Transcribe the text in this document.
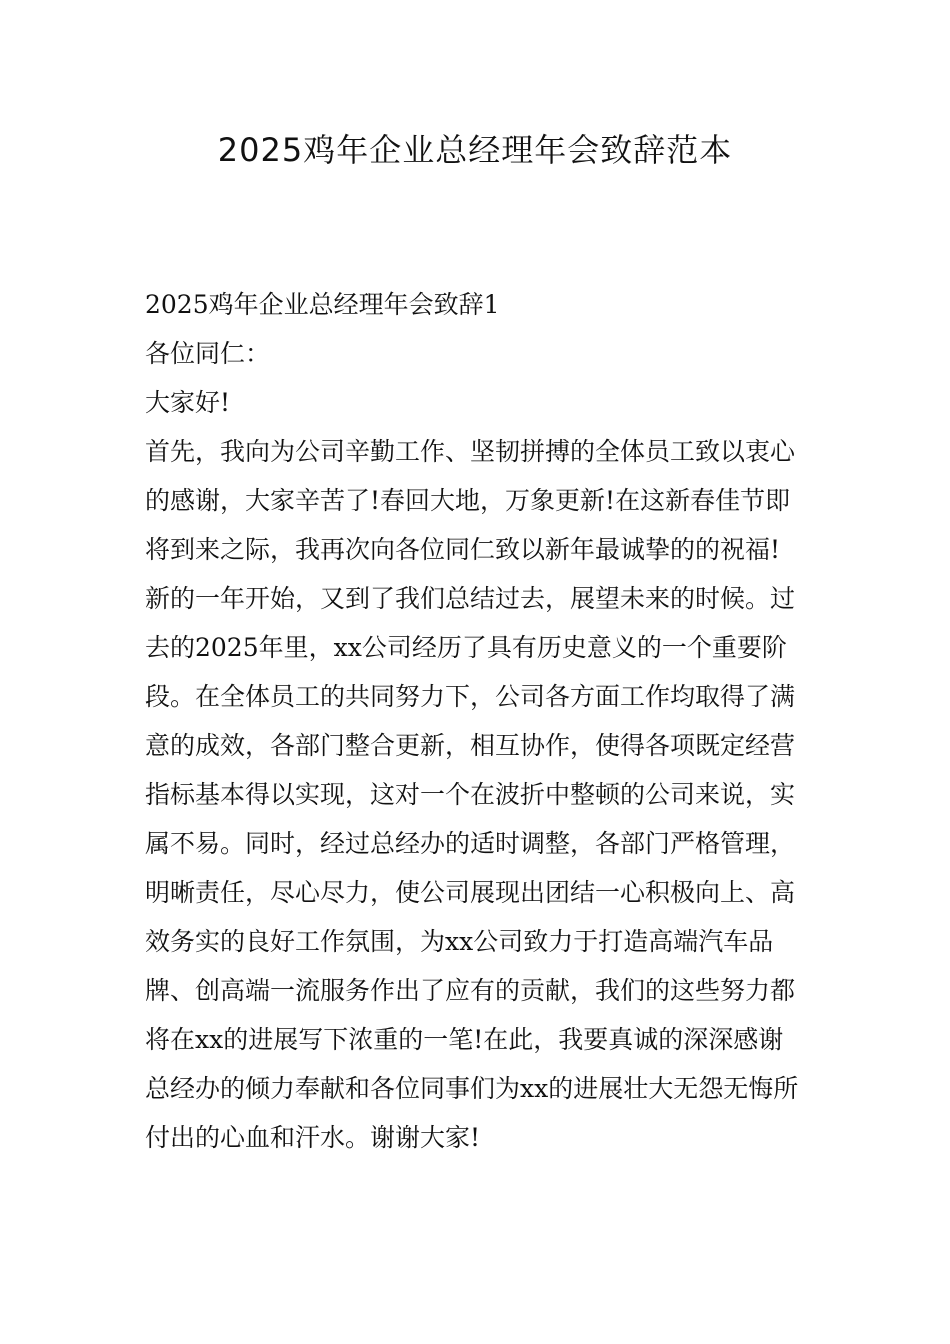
2025鸡年企业总经理年会致辞范本

2025鸡年企业总经理年会致辞1

各位同仁：

大家好!

首先，我向为公司辛勤工作、坚韧拼搏的全体员工致以衷心的感谢，大家辛苦了!春回大地，万象更新!在这新春佳节即将到来之际，我再次向各位同仁致以新年最诚挚的的祝福!

新的一年开始，又到了我们总结过去，展望未来的时候。过去的2025年里，xx公司经历了具有历史意义的一个重要阶段。在全体员工的共同努力下，公司各方面工作均取得了满意的成效，各部门整合更新，相互协作，使得各项既定经营指标基本得以实现，这对一个在波折中整顿的公司来说，实属不易。同时，经过总经办的适时调整，各部门严格管理，明晰责任，尽心尽力，使公司展现出团结一心积极向上、高效务实的良好工作氛围，为xx公司致力于打造高端汽车品牌、创高端一流服务作出了应有的贡献，我们的这些努力都将在xx的进展写下浓重的一笔!在此，我要真诚的深深感谢总经办的倾力奉献和各位同事们为xx的进展壮大无怨无悔所付出的心血和汗水。谢谢大家!
